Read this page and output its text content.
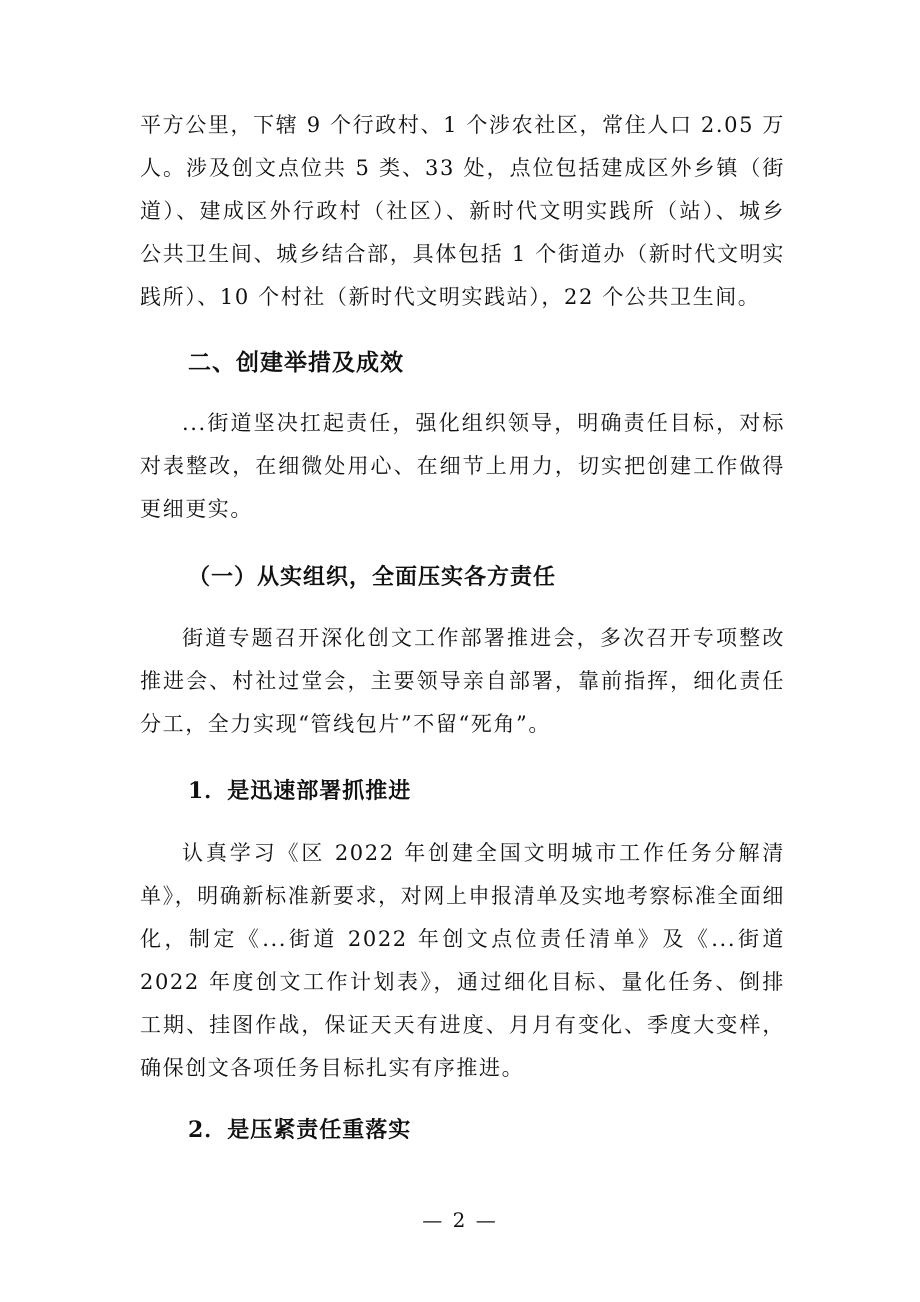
平方公里，下辖 9 个行政村、1 个涉农社区，常住人口 2.05 万人。涉及创文点位共 5 类、33 处，点位包括建成区外乡镇（街道）、建成区外行政村（社区）、新时代文明实践所（站）、城乡公共卫生间、城乡结合部，具体包括 1 个街道办（新时代文明实践所）、10 个村社（新时代文明实践站），22 个公共卫生间。

二、创建举措及成效

...街道坚决扛起责任，强化组织领导，明确责任目标，对标对表整改，在细微处用心、在细节上用力，切实把创建工作做得更细更实。

（一）从实组织，全面压实各方责任

街道专题召开深化创文工作部署推进会，多次召开专项整改推进会、村社过堂会，主要领导亲自部署，靠前指挥，细化责任分工，全力实现“管线包片”不留“死角”。

1．是迅速部署抓推进

认真学习《区 2022 年创建全国文明城市工作任务分解清单》，明确新标准新要求，对网上申报清单及实地考察标准全面细化，制定《...街道 2022 年创文点位责任清单》及《...街道 2022 年度创文工作计划表》，通过细化目标、量化任务、倒排工期、挂图作战，保证天天有进度、月月有变化、季度大变样，确保创文各项任务目标扎实有序推进。

2．是压紧责任重落实
— 2 —
